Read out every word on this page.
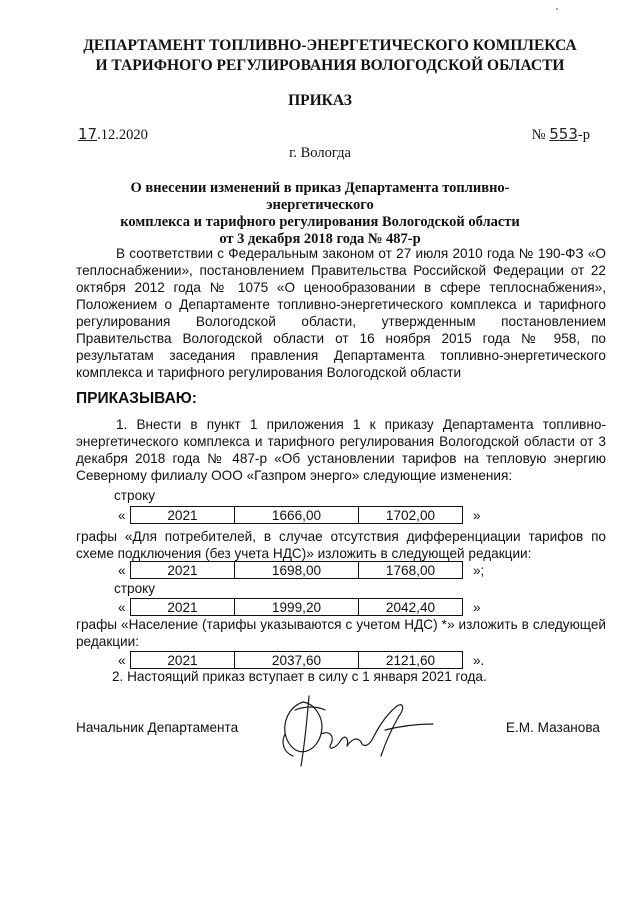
ДЕПАРТАМЕНТ ТОПЛИВНО-ЭНЕРГЕТИЧЕСКОГО КОМПЛЕКСА
И ТАРИФНОГО РЕГУЛИРОВАНИЯ ВОЛОГОДСКОЙ ОБЛАСТИ
ПРИКАЗ
17.12.2020	№ 553-р
г. Вологда
О внесении изменений в приказ Департамента топливно-энергетического
комплекса и тарифного регулирования Вологодской области
от 3 декабря 2018 года № 487-р
В соответствии с Федеральным законом от 27 июля 2010 года № 190-ФЗ «О теплоснабжении», постановлением Правительства Российской Федерации от 22 октября 2012 года № 1075 «О ценообразовании в сфере теплоснабжения», Положением о Департаменте топливно-энергетического комплекса и тарифного регулирования Вологодской области, утвержденным постановлением Правительства Вологодской области от 16 ноября 2015 года № 958, по результатам заседания правления Департамента топливно-энергетического комплекса и тарифного регулирования Вологодской области
ПРИКАЗЫВАЮ:
1. Внести в пункт 1 приложения 1 к приказу Департамента топливно-энергетического комплекса и тарифного регулирования Вологодской области от 3 декабря 2018 года № 487-р «Об установлении тарифов на тепловую энергию Северному филиалу ООО «Газпром энерго» следующие изменения:
строку
«	2021	1666,00	1702,00	»
графы «Для потребителей, в случае отсутствия дифференциации тарифов по схеме подключения (без учета НДС)» изложить в следующей редакции:
«	2021	1698,00	1768,00	»;
строку
«	2021	1999,20	2042,40	»
графы «Население (тарифы указываются с учетом НДС) *» изложить в следующей редакции:
«	2021	2037,60	2121,60	».
2. Настоящий приказ вступает в силу с 1 января 2021 года.
Начальник Департамента	Е.М. Мазанова
